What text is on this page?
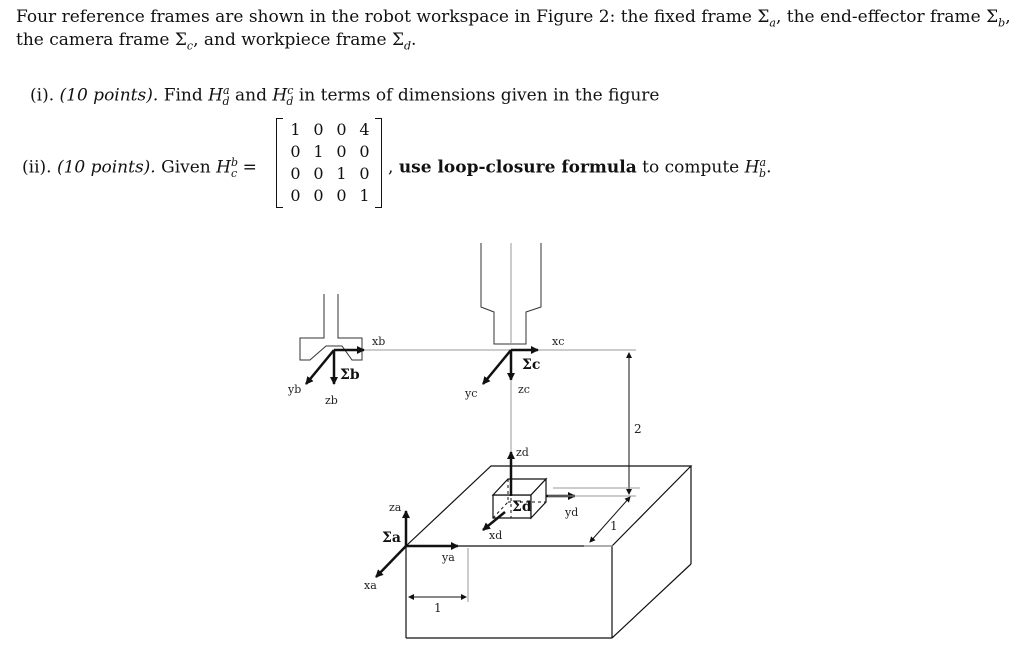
Four reference frames are shown in the robot workspace in Figure 2: the fixed frame $\Sigma_a$, the end-effector frame $\Sigma_b$,
the camera frame $\Sigma_c$, and workpiece frame $\Sigma_d$.
(i). (10 points). Find $H^a_d$ and $H^c_d$ in terms of dimensions given in the figure
(ii). (10 points). Given $H^b_c$ =
1	0	0	4
0	1	0	0
0	0	1	0
0	0	0	1
, use loop-closure formula to compute $H^a_b$.
xb
yb
zb
xc
yc	zc
zd
yd
xd
za
ya
xa
Σb
Σc
Σd
Σa
2
1
1
